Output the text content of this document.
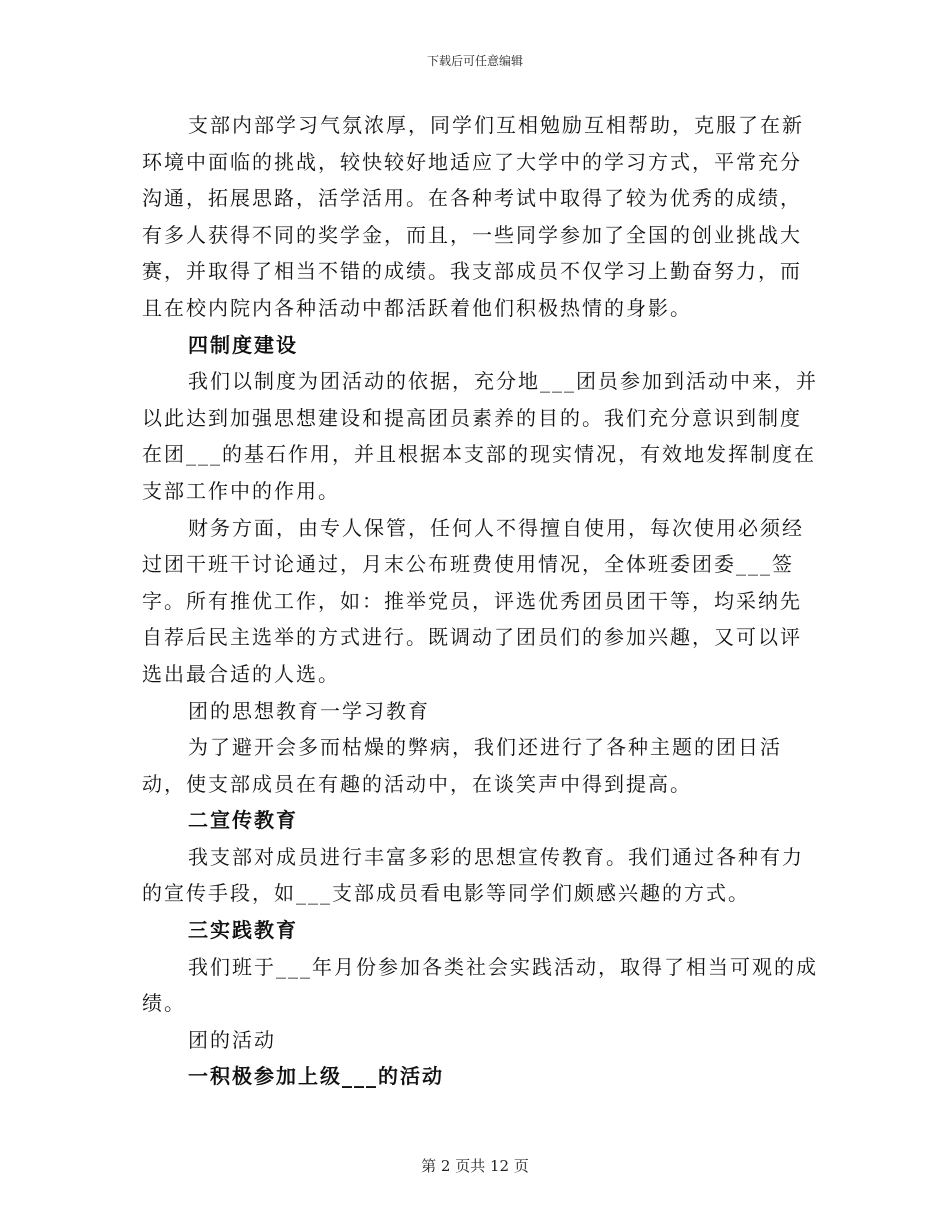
下载后可任意编辑

支部内部学习气氛浓厚，同学们互相勉励互相帮助，克服了在新环境中面临的挑战，较快较好地适应了大学中的学习方式，平常充分沟通，拓展思路，活学活用。在各种考试中取得了较为优秀的成绩，有多人获得不同的奖学金，而且，一些同学参加了全国的创业挑战大赛，并取得了相当不错的成绩。我支部成员不仅学习上勤奋努力，而且在校内院内各种活动中都活跃着他们积极热情的身影。

四制度建设

我们以制度为团活动的依据，充分地___团员参加到活动中来，并以此达到加强思想建设和提高团员素养的目的。我们充分意识到制度在团___的基石作用，并且根据本支部的现实情况，有效地发挥制度在支部工作中的作用。

财务方面，由专人保管，任何人不得擅自使用，每次使用必须经过团干班干讨论通过，月末公布班费使用情况，全体班委团委___签字。所有推优工作，如：推举党员，评选优秀团员团干等，均采纳先自荐后民主选举的方式进行。既调动了团员们的参加兴趣，又可以评选出最合适的人选。

团的思想教育一学习教育

为了避开会多而枯燥的弊病，我们还进行了各种主题的团日活动，使支部成员在有趣的活动中，在谈笑声中得到提高。

二宣传教育

我支部对成员进行丰富多彩的思想宣传教育。我们通过各种有力的宣传手段，如___支部成员看电影等同学们颇感兴趣的方式。

三实践教育

我们班于___年月份参加各类社会实践活动，取得了相当可观的成绩。

团的活动

一积极参加上级___的活动

第 2 页共 12 页
